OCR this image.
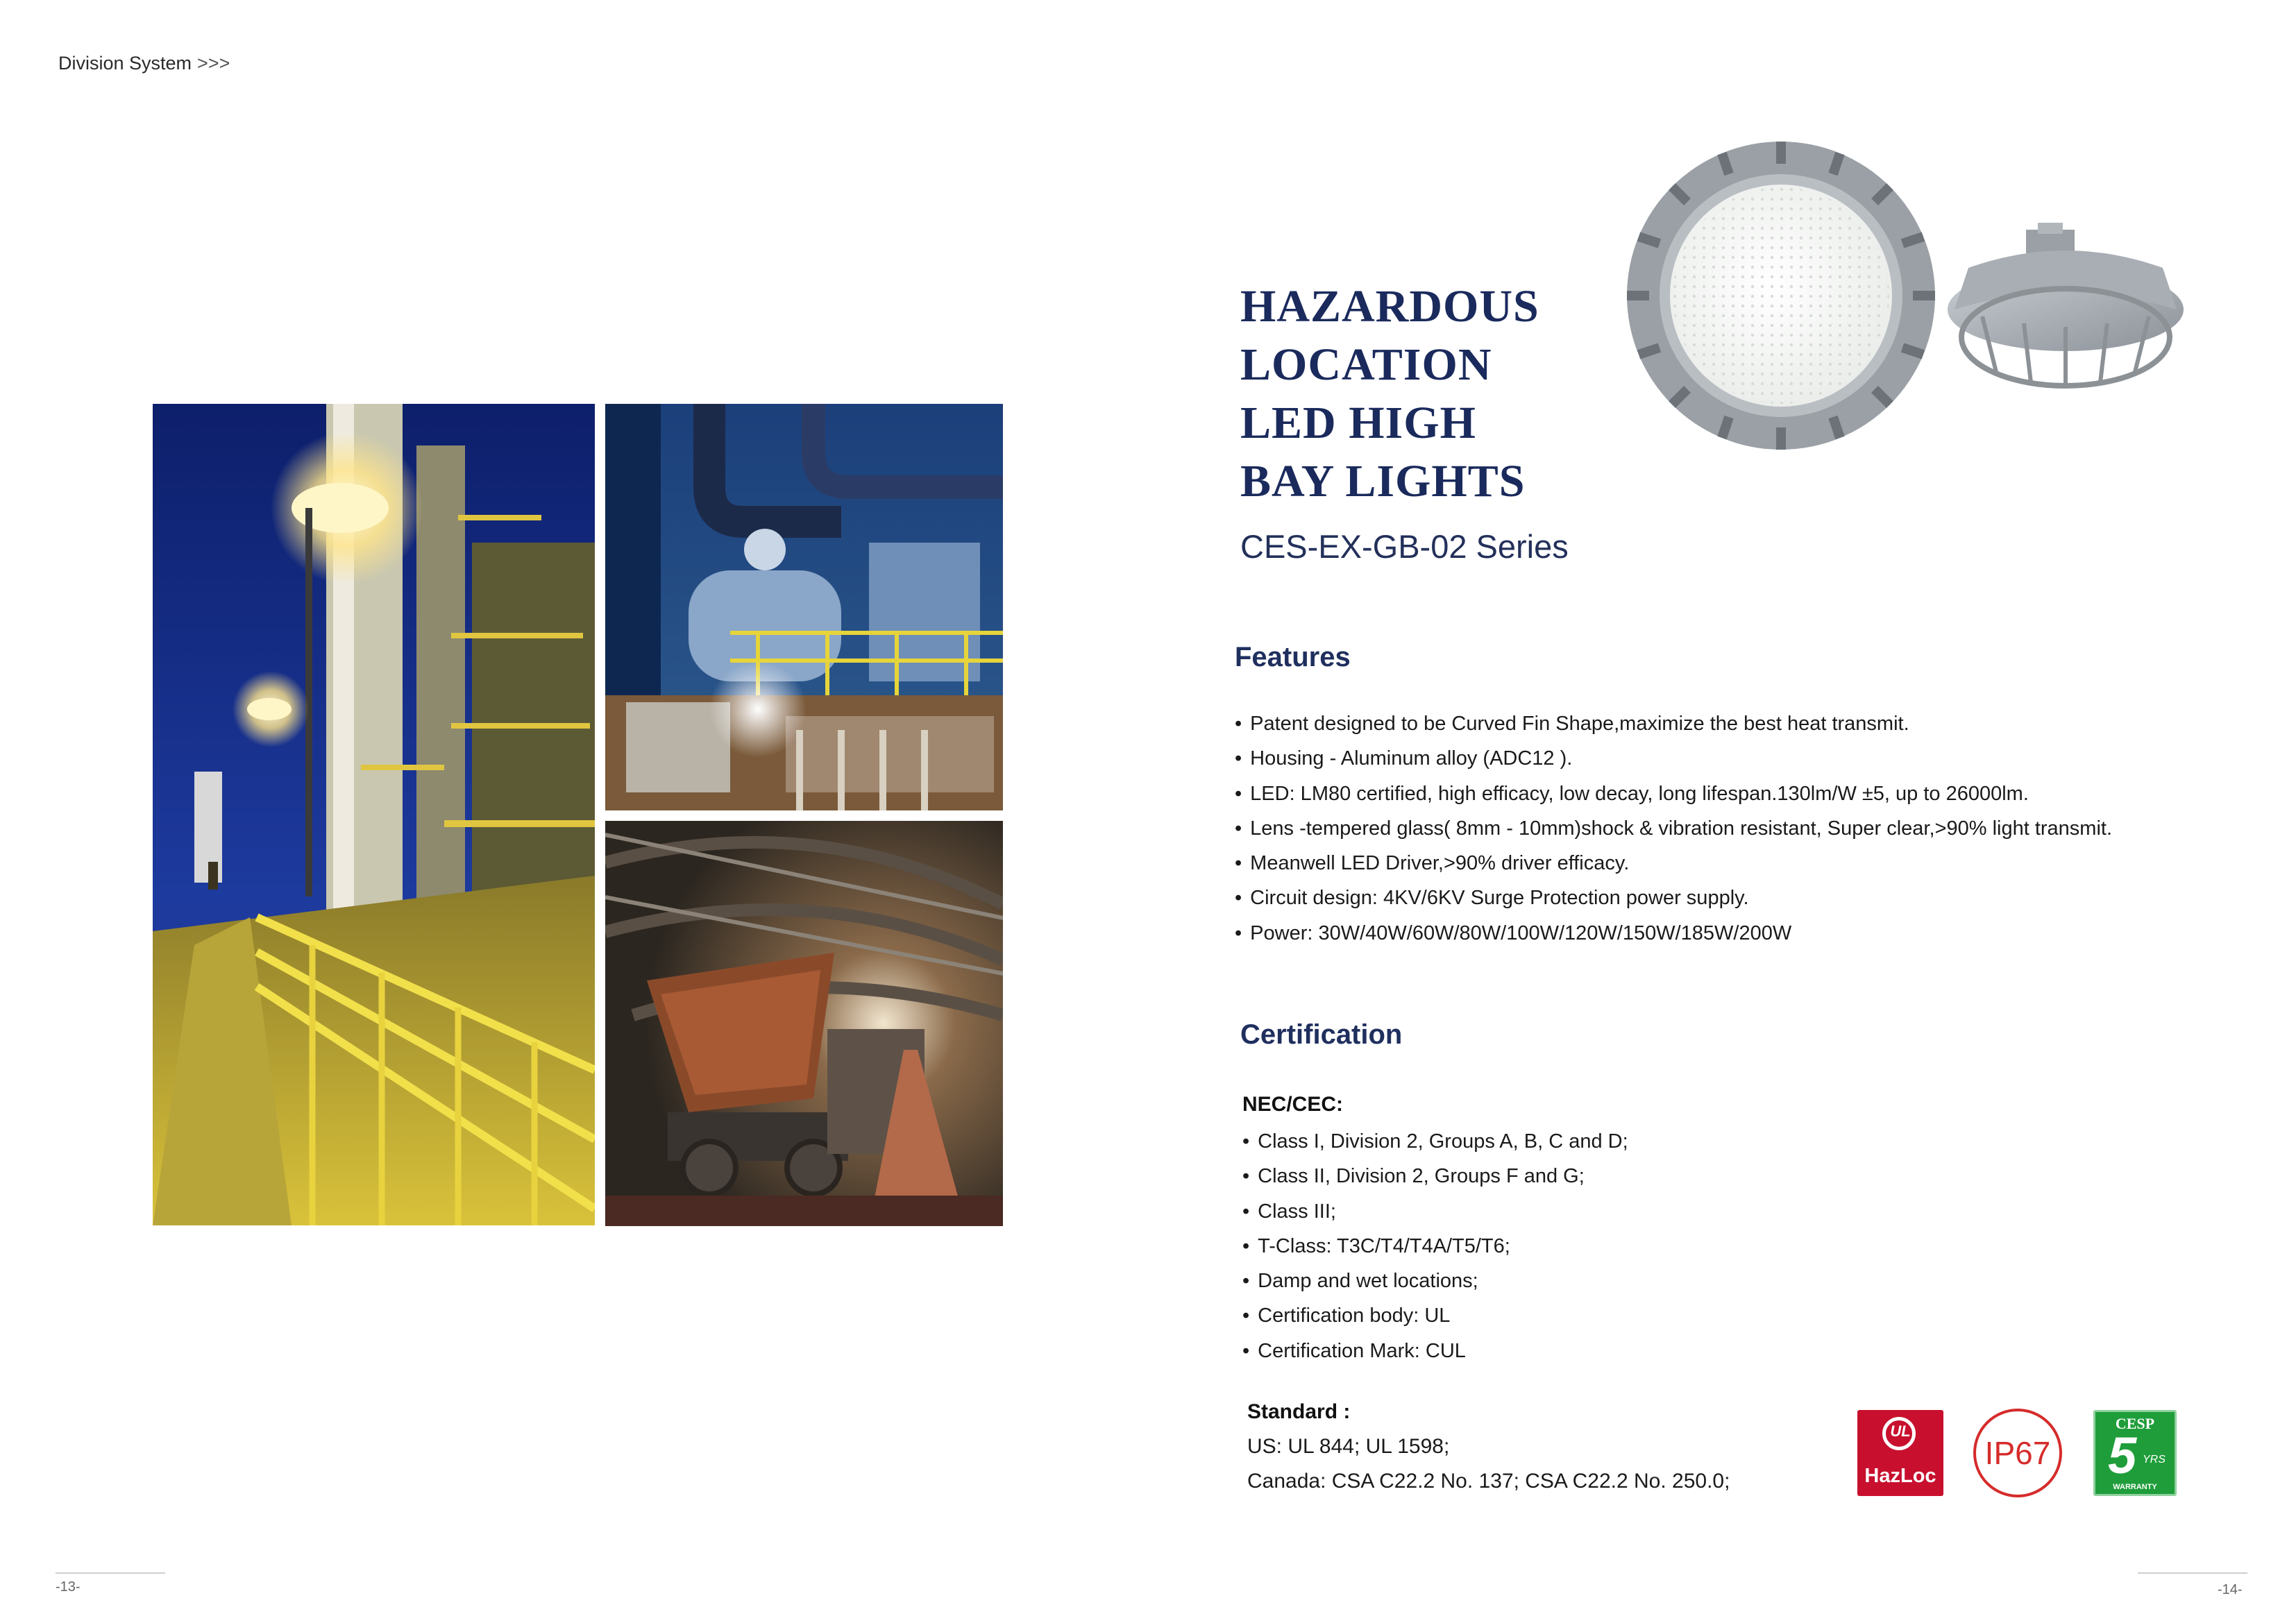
Division System >>>
HAZARDOUS
LOCATION
LED HIGH
BAY LIGHTS
CES-EX-GB-02 Series
Features
• Patent designed to be Curved Fin Shape,maximize the best heat transmit.
• Housing - Aluminum alloy (ADC12 ).
• LED: LM80 certified, high efficacy, low decay, long lifespan.130lm/W ±5, up to 26000lm.
• Lens -tempered glass( 8mm - 10mm)shock & vibration resistant, Super clear,>90% light transmit.
• Meanwell LED Driver,>90% driver efficacy.
• Circuit design: 4KV/6KV Surge Protection power supply.
• Power: 30W/40W/60W/80W/100W/120W/150W/185W/200W
Certification
NEC/CEC:
• Class I, Division 2, Groups A, B, C and D;
• Class II, Division 2, Groups F and G;
• Class III;
• T-Class: T3C/T4/T4A/T5/T6;
• Damp and wet locations;
• Certification body: UL
• Certification Mark: CUL
Standard :
US: UL 844; UL 1598;
Canada: CSA C22.2 No. 137; CSA C22.2 No. 250.0;
UL
HazLoc
IP67
CESP
5 YRS
WARRANTY
-13-	-14-
